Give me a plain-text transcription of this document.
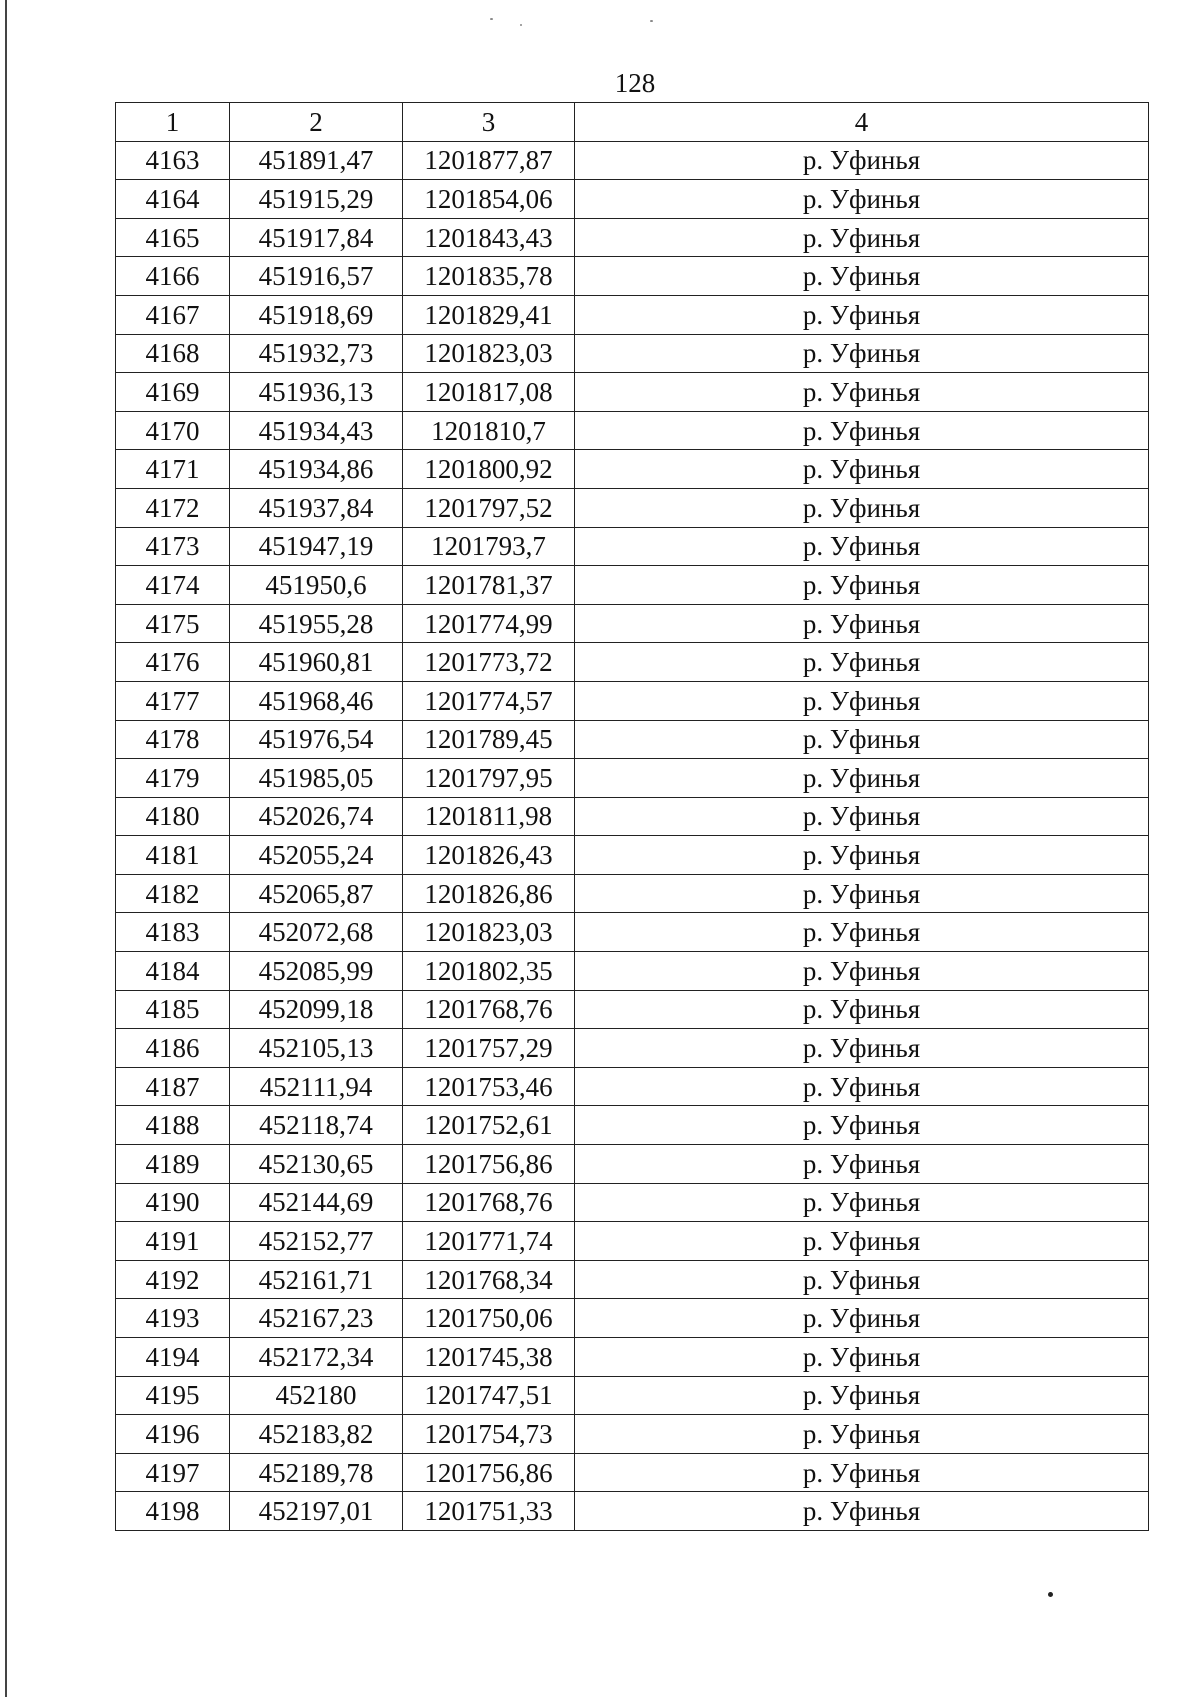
128
1	2	3	4
4163	451891,47	1201877,87	р. Уфинья
4164	451915,29	1201854,06	р. Уфинья
4165	451917,84	1201843,43	р. Уфинья
4166	451916,57	1201835,78	р. Уфинья
4167	451918,69	1201829,41	р. Уфинья
4168	451932,73	1201823,03	р. Уфинья
4169	451936,13	1201817,08	р. Уфинья
4170	451934,43	1201810,7	р. Уфинья
4171	451934,86	1201800,92	р. Уфинья
4172	451937,84	1201797,52	р. Уфинья
4173	451947,19	1201793,7	р. Уфинья
4174	451950,6	1201781,37	р. Уфинья
4175	451955,28	1201774,99	р. Уфинья
4176	451960,81	1201773,72	р. Уфинья
4177	451968,46	1201774,57	р. Уфинья
4178	451976,54	1201789,45	р. Уфинья
4179	451985,05	1201797,95	р. Уфинья
4180	452026,74	1201811,98	р. Уфинья
4181	452055,24	1201826,43	р. Уфинья
4182	452065,87	1201826,86	р. Уфинья
4183	452072,68	1201823,03	р. Уфинья
4184	452085,99	1201802,35	р. Уфинья
4185	452099,18	1201768,76	р. Уфинья
4186	452105,13	1201757,29	р. Уфинья
4187	452111,94	1201753,46	р. Уфинья
4188	452118,74	1201752,61	р. Уфинья
4189	452130,65	1201756,86	р. Уфинья
4190	452144,69	1201768,76	р. Уфинья
4191	452152,77	1201771,74	р. Уфинья
4192	452161,71	1201768,34	р. Уфинья
4193	452167,23	1201750,06	р. Уфинья
4194	452172,34	1201745,38	р. Уфинья
4195	452180	1201747,51	р. Уфинья
4196	452183,82	1201754,73	р. Уфинья
4197	452189,78	1201756,86	р. Уфинья
4198	452197,01	1201751,33	р. Уфинья
